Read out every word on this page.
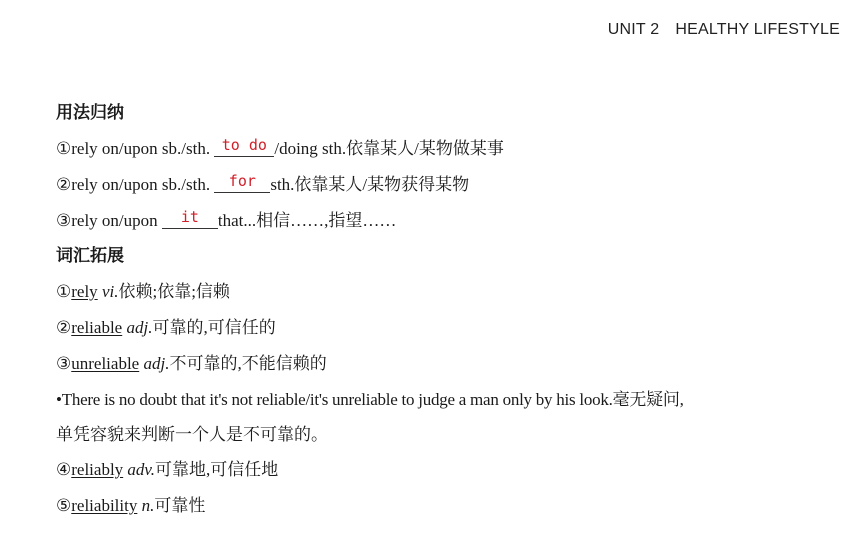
UNIT 2 HEALTHY LIFESTYLE
用法归纳
①rely on/upon sb./sth. to do /doing sth.依靠某人/某物做某事
②rely on/upon sb./sth. for sth.依靠某人/某物获得某物
③rely on/upon it that...相信……,指望……
词汇拓展
①rely vi.依赖;依靠;信赖
②reliable adj.可靠的,可信任的
③unreliable adj.不可靠的,不能信赖的
•There is no doubt that it's not reliable/it's unreliable to judge a man only by his look.毫无疑问,
单凭容貌来判断一个人是不可靠的。
④reliably adv.可靠地,可信任地
⑤reliability n.可靠性
